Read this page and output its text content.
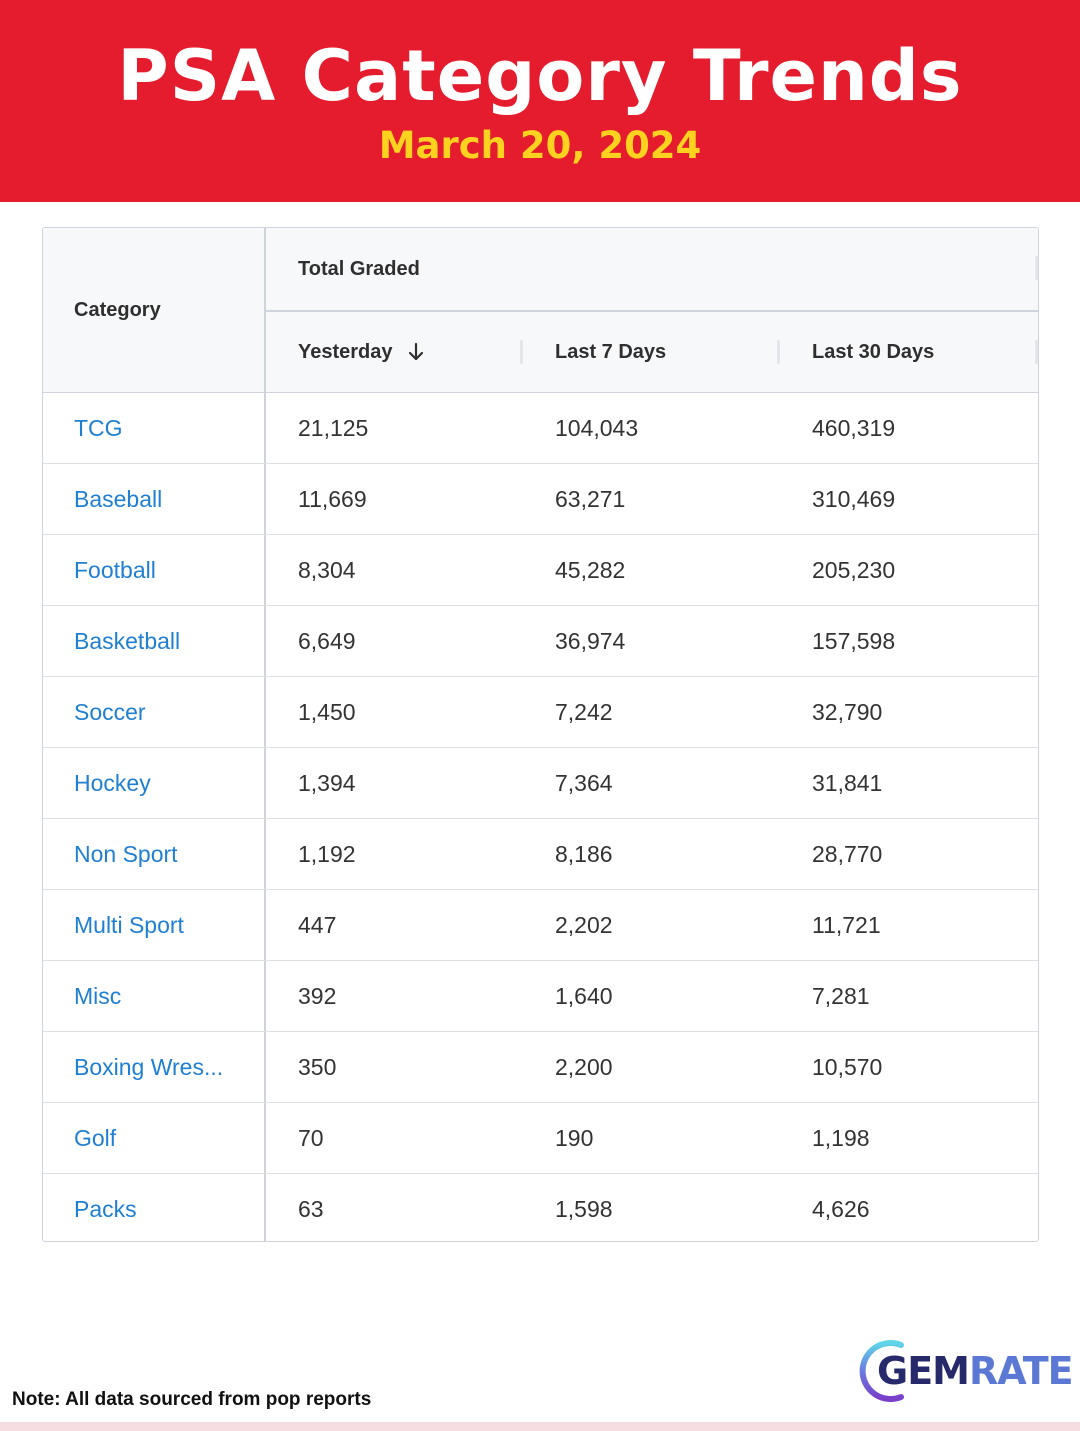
PSA Category Trends
March 20, 2024
Category
Total Graded
Yesterday	Last 7 Days	Last 30 Days
TCG	21,125	104,043	460,319
Baseball	11,669	63,271	310,469
Football	8,304	45,282	205,230
Basketball	6,649	36,974	157,598
Soccer	1,450	7,242	32,790
Hockey	1,394	7,364	31,841
Non Sport	1,192	8,186	28,770
Multi Sport	447	2,202	11,721
Misc	392	1,640	7,281
Boxing Wres...	350	2,200	10,570
Golf	70	190	1,198
Packs	63	1,598	4,626
GEMRATE
Note: All data sourced from pop reports
